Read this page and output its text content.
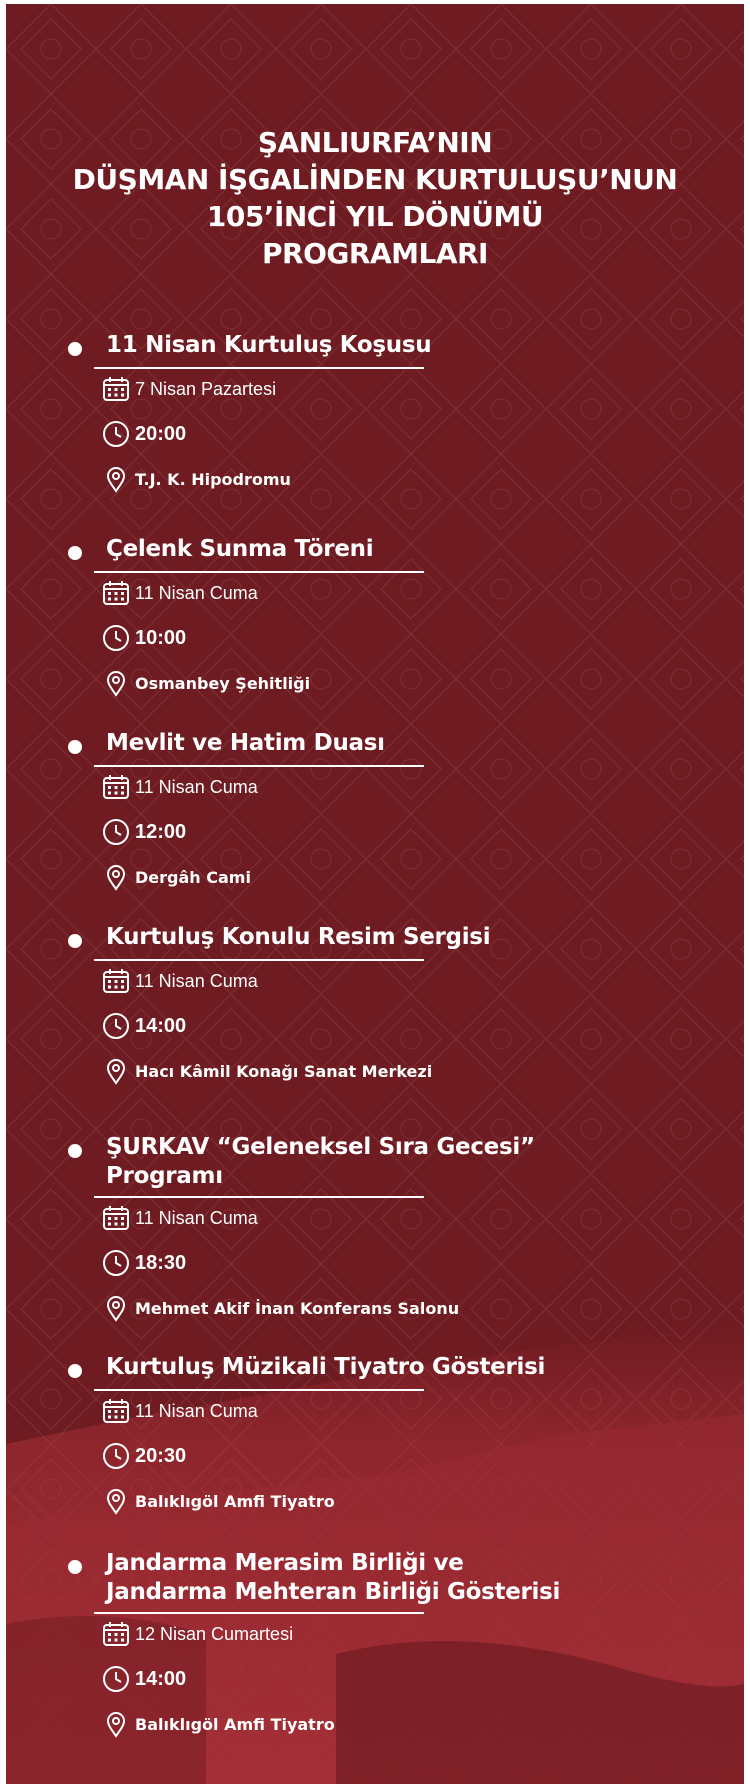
ŞANLIURFA’NIN
DÜŞMAN İŞGALİNDEN KURTULUŞU’NUN
105’İNCİ YIL DÖNÜMÜ
PROGRAMLARI
11 Nisan Kurtuluş Koşusu
7 Nisan Pazartesi
20:00
T.J. K. Hipodromu
Çelenk Sunma Töreni
11 Nisan Cuma
10:00
Osmanbey Şehitliği
Mevlit ve Hatim Duası
11 Nisan Cuma
12:00
Dergâh Cami
Kurtuluş Konulu Resim Sergisi
11 Nisan Cuma
14:00
Hacı Kâmil Konağı Sanat Merkezi
ŞURKAV “Geleneksel Sıra Gecesi”
Programı
11 Nisan Cuma
18:30
Mehmet Akif İnan Konferans Salonu
Kurtuluş Müzikali Tiyatro Gösterisi
11 Nisan Cuma
20:30
Balıklıgöl Amfi Tiyatro
Jandarma Merasim Birliği ve
Jandarma Mehteran Birliği Gösterisi
12 Nisan Cumartesi
14:00
Balıklıgöl Amfi Tiyatro
